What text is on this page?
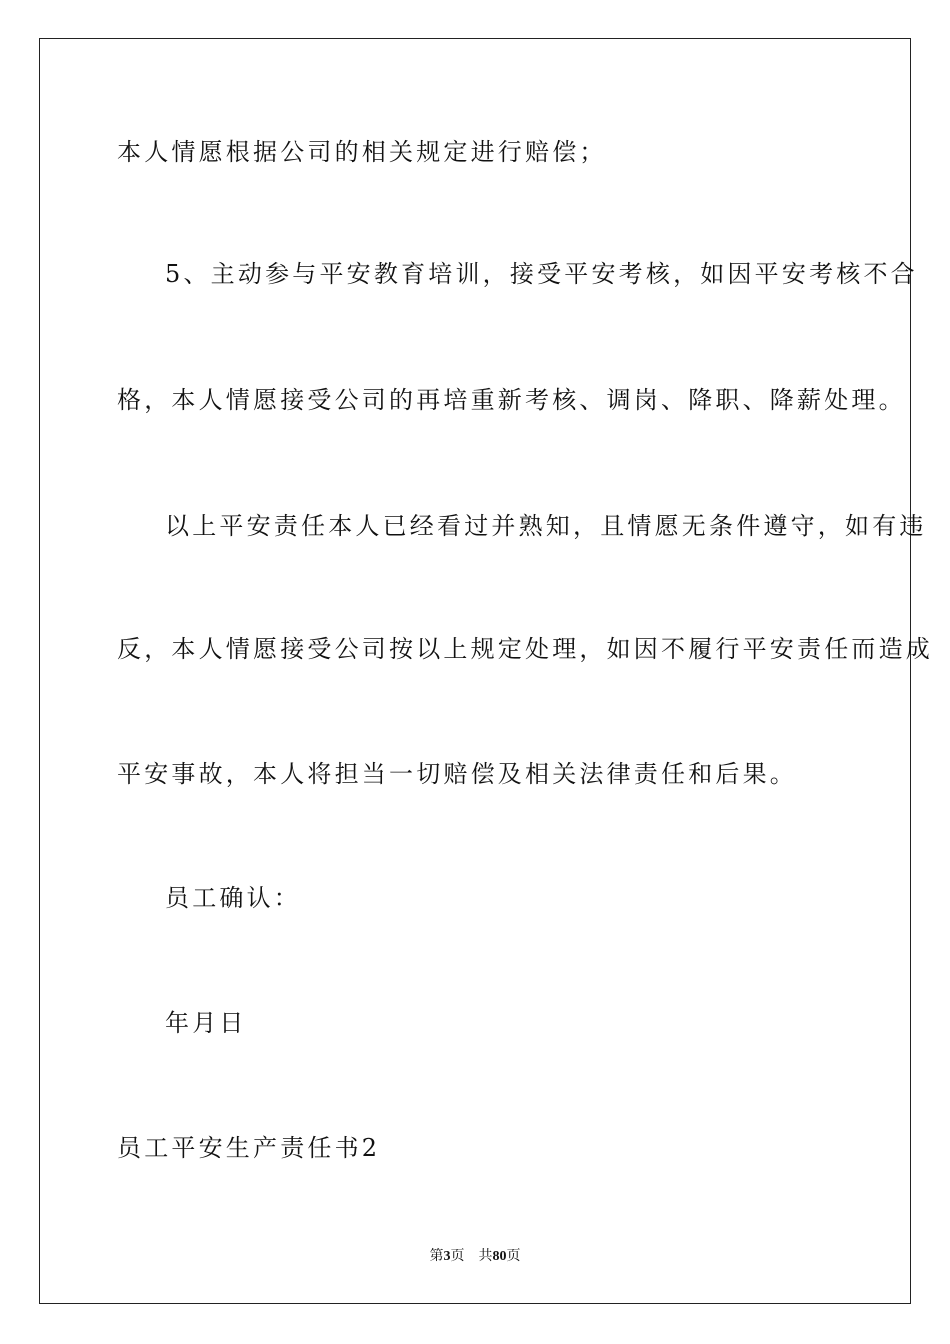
本人情愿根据公司的相关规定进行赔偿；
5、主动参与平安教育培训，接受平安考核，如因平安考核不合
格，本人情愿接受公司的再培重新考核、调岗、降职、降薪处理。
以上平安责任本人已经看过并熟知，且情愿无条件遵守，如有违
反，本人情愿接受公司按以上规定处理，如因不履行平安责任而造成
平安事故，本人将担当一切赔偿及相关法律责任和后果。
员工确认：
年月日
员工平安生产责任书2
第3页 共80页
